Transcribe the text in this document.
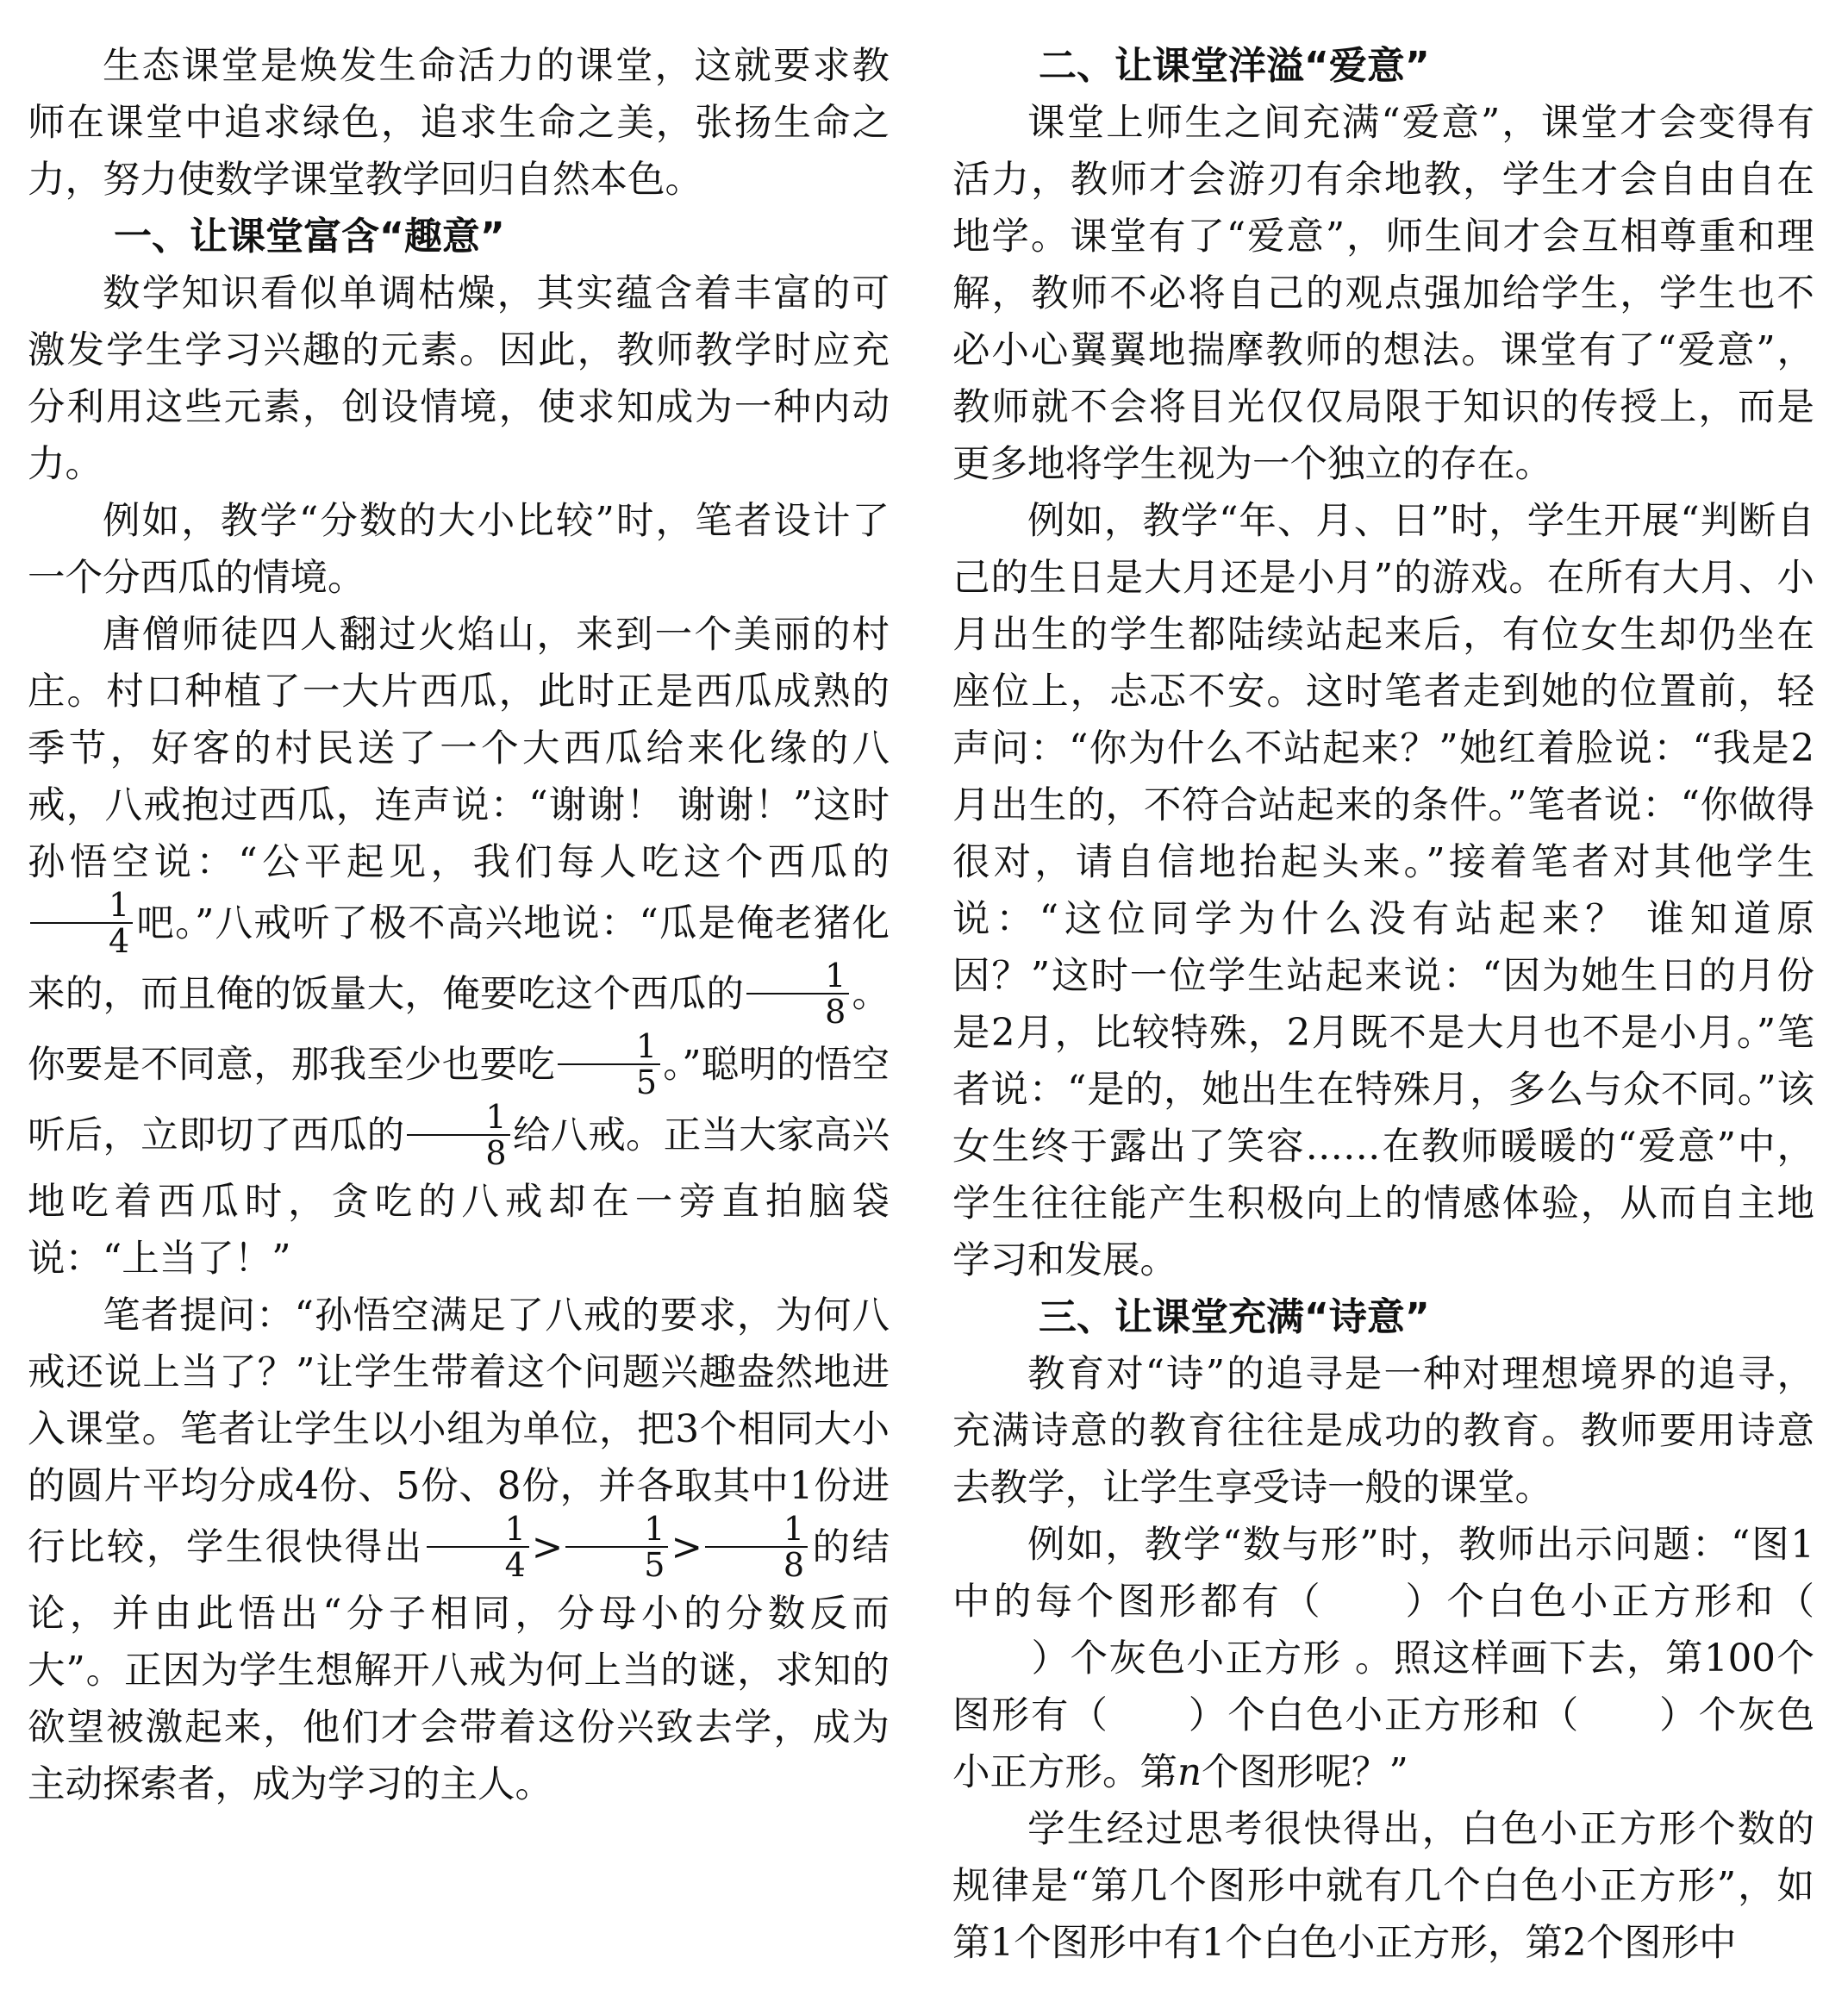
生态课堂是焕发生命活力的课堂，这就要求教师在课堂中追求绿色，追求生命之美，张扬生命之力，努力使数学课堂教学回归自然本色。

一、让课堂富含“趣意”

数学知识看似单调枯燥，其实蕴含着丰富的可激发学生学习兴趣的元素。因此，教师教学时应充分利用这些元素，创设情境，使求知成为一种内动力。

例如，教学“分数的大小比较”时，笔者设计了一个分西瓜的情境。

唐僧师徒四人翻过火焰山，来到一个美丽的村庄。村口种植了一大片西瓜，此时正是西瓜成熟的季节，好客的村民送了一个大西瓜给来化缘的八戒，八戒抱过西瓜，连声说：“谢谢！ 谢谢！”这时孙悟空说：“公平起见，我们每人吃这个西瓜的
$\frac{1}{4}$ 吧。”八戒听了极不高兴地说：“瓜是俺老猪化来的，而且俺的饭量大，俺要吃这个西瓜的 $\frac{1}{8}$ 。你要是不同意，那我至少也要吃 $\frac{1}{5}$ 。”聪明的悟空听后，立即切了西瓜的 $\frac{1}{8}$ 给八戒。正当大家高兴地吃着西瓜时，贪吃的八戒却在一旁直拍脑袋说：“上当了！”

笔者提问：“孙悟空满足了八戒的要求，为何八戒还说上当了？”让学生带着这个问题兴趣盎然地进入课堂。笔者让学生以小组为单位，把3个相同大小的圆片平均分成4份、5份、8份，并各取其中1份进行比较，学生很快得出 $\frac{1}{4} > \frac{1}{5} > \frac{1}{8}$ 的结论，并由此悟出“分子相同，分母小的分数反而大”。正因为学生想解开八戒为何上当的谜，求知的欲望被激起来，他们才会带着这份兴致去学，成为主动探索者，成为学习的主人。

二、让课堂洋溢“爱意”

课堂上师生之间充满“爱意”，课堂才会变得有活力，教师才会游刃有余地教，学生才会自由自在地学。课堂有了“爱意”，师生间才会互相尊重和理解，教师不必将自己的观点强加给学生，学生也不必小心翼翼地揣摩教师的想法。课堂有了“爱意”，教师就不会将目光仅仅局限于知识的传授上，而是更多地将学生视为一个独立的存在。

例如，教学“年、月、日”时，学生开展“判断自己的生日是大月还是小月”的游戏。在所有大月、小月出生的学生都陆续站起来后，有位女生却仍坐在座位上，忐忑不安。这时笔者走到她的位置前，轻声问：“你为什么不站起来？”她红着脸说：“我是2月出生的，不符合站起来的条件。”笔者说：“你做得很对，请自信地抬起头来。”接着笔者对其他学生说：“这位同学为什么没有站起来？ 谁知道原因？”这时一位学生站起来说：“因为她生日的月份是2月，比较特殊，2月既不是大月也不是小月。”笔者说：“是的，她出生在特殊月，多么与众不同。”该女生终于露出了笑容……在教师暖暖的“爱意”中，学生往往能产生积极向上的情感体验，从而自主地学习和发展。

三、让课堂充满“诗意”

教育对“诗”的追寻是一种对理想境界的追寻，充满诗意的教育往往是成功的教育。教师要用诗意去教学，让学生享受诗一般的课堂。

例如，教学“数与形”时，教师出示问题：“图1中的每个图形都有（ ）个白色小正方形和（）个灰色小正方形 。照这样画下去，第100个图形有（ ）个白色小正方形和（ ）个灰色小正方形。第n个图形呢？”

学生经过思考很快得出，白色小正方形个数的规律是“第几个图形中就有几个白色小正方形”，如第1个图形中有1个白色小正方形，第2个图形中
